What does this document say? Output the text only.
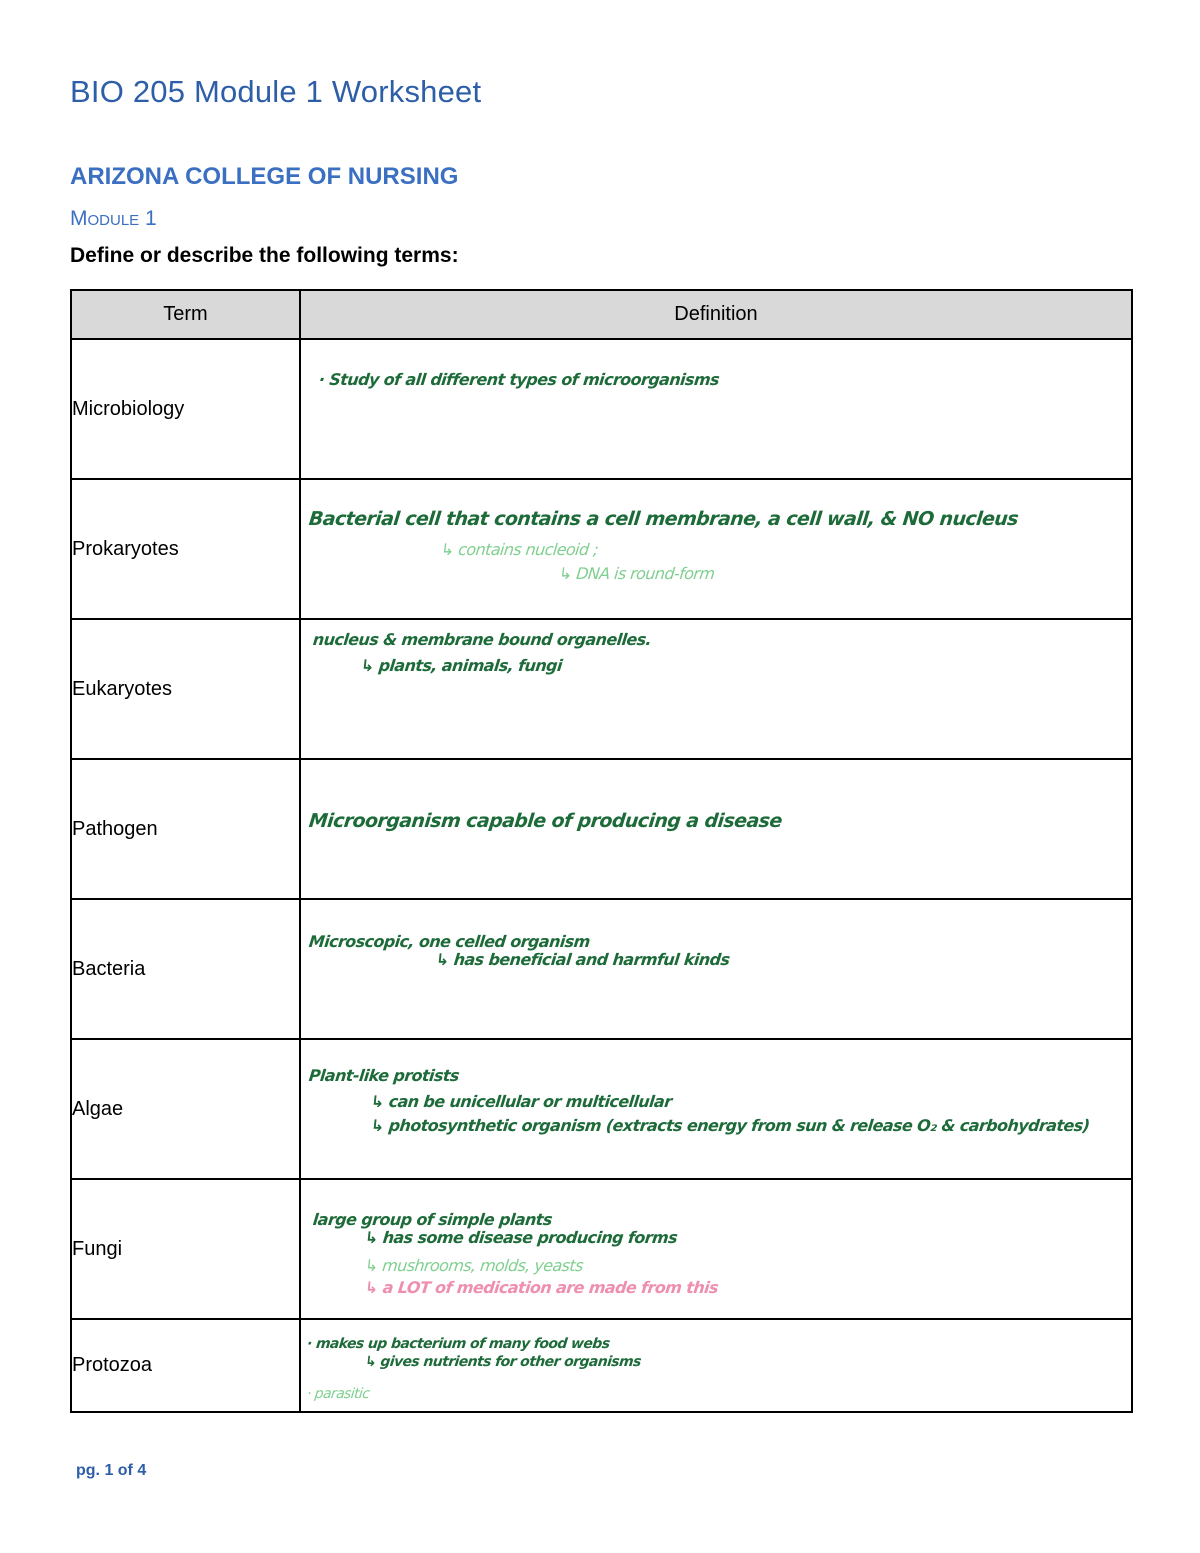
BIO 205 Module 1 Worksheet
ARIZONA COLLEGE OF NURSING
Module 1
Define or describe the following terms:
Term	Definition
Microbiology	· Study of all different types of microorganisms

Prokaryotes	Bacterial cell that contains a cell membrane, a cell wall, & NO nucleus
↳ contains nucleoid ;
↳ DNA is round-form

Eukaryotes	nucleus & membrane bound organelles.
↳ plants, animals, fungi

Pathogen	Microorganism capable of producing a disease

Bacteria	Microscopic, one celled organism
↳ has beneficial and harmful kinds

Algae	Plant-like protists
↳ can be unicellular or multicellular
↳ photosynthetic organism (extracts energy from sun & release O₂ & carbohydrates)

Fungi	large group of simple plants
↳ has some disease producing forms
↳ mushrooms, molds, yeasts
↳ a LOT of medication are made from this

Protozoa	· makes up bacterium of many food webs
↳ gives nutrients for other organisms
· parasitic
pg. 1 of 4
